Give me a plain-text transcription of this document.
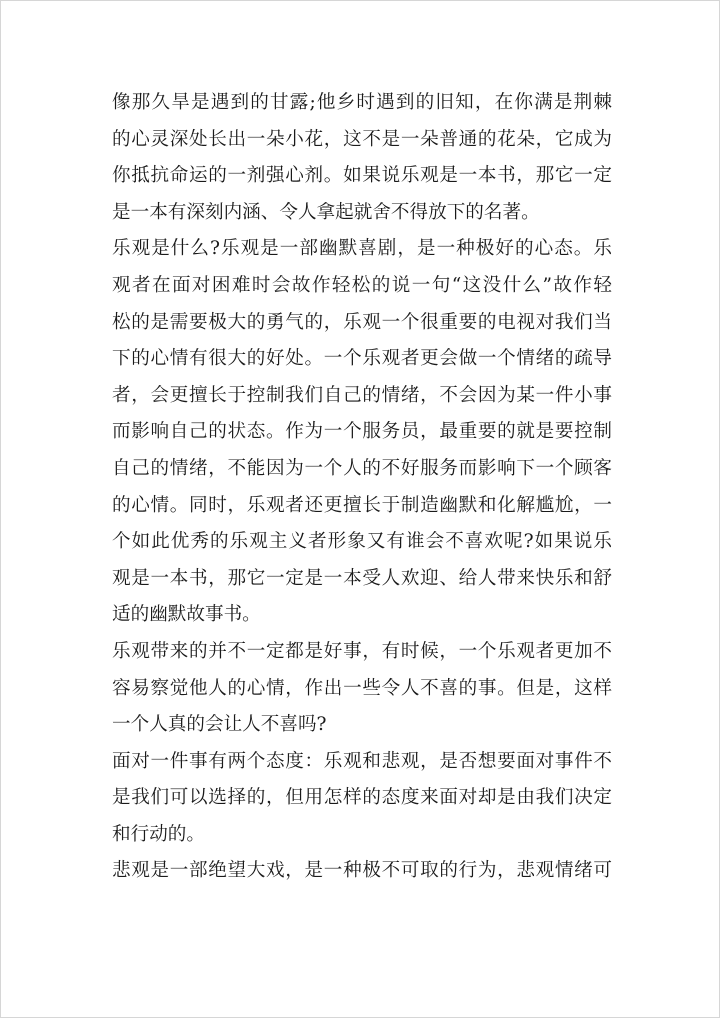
像那久旱是遇到的甘露;他乡时遇到的旧知，在你满是荆棘
的心灵深处长出一朵小花，这不是一朵普通的花朵，它成为
你抵抗命运的一剂强心剂。如果说乐观是一本书，那它一定
是一本有深刻内涵、令人拿起就舍不得放下的名著。
乐观是什么?乐观是一部幽默喜剧，是一种极好的心态。乐
观者在面对困难时会故作轻松的说一句“这没什么”故作轻
松的是需要极大的勇气的，乐观一个很重要的电视对我们当
下的心情有很大的好处。一个乐观者更会做一个情绪的疏导
者，会更擅长于控制我们自己的情绪，不会因为某一件小事
而影响自己的状态。作为一个服务员，最重要的就是要控制
自己的情绪，不能因为一个人的不好服务而影响下一个顾客
的心情。同时，乐观者还更擅长于制造幽默和化解尴尬，一
个如此优秀的乐观主义者形象又有谁会不喜欢呢?如果说乐
观是一本书，那它一定是一本受人欢迎、给人带来快乐和舒
适的幽默故事书。
乐观带来的并不一定都是好事，有时候，一个乐观者更加不
容易察觉他人的心情，作出一些令人不喜的事。但是，这样
一个人真的会让人不喜吗?
面对一件事有两个态度：乐观和悲观，是否想要面对事件不
是我们可以选择的，但用怎样的态度来面对却是由我们决定
和行动的。
悲观是一部绝望大戏，是一种极不可取的行为，悲观情绪可
